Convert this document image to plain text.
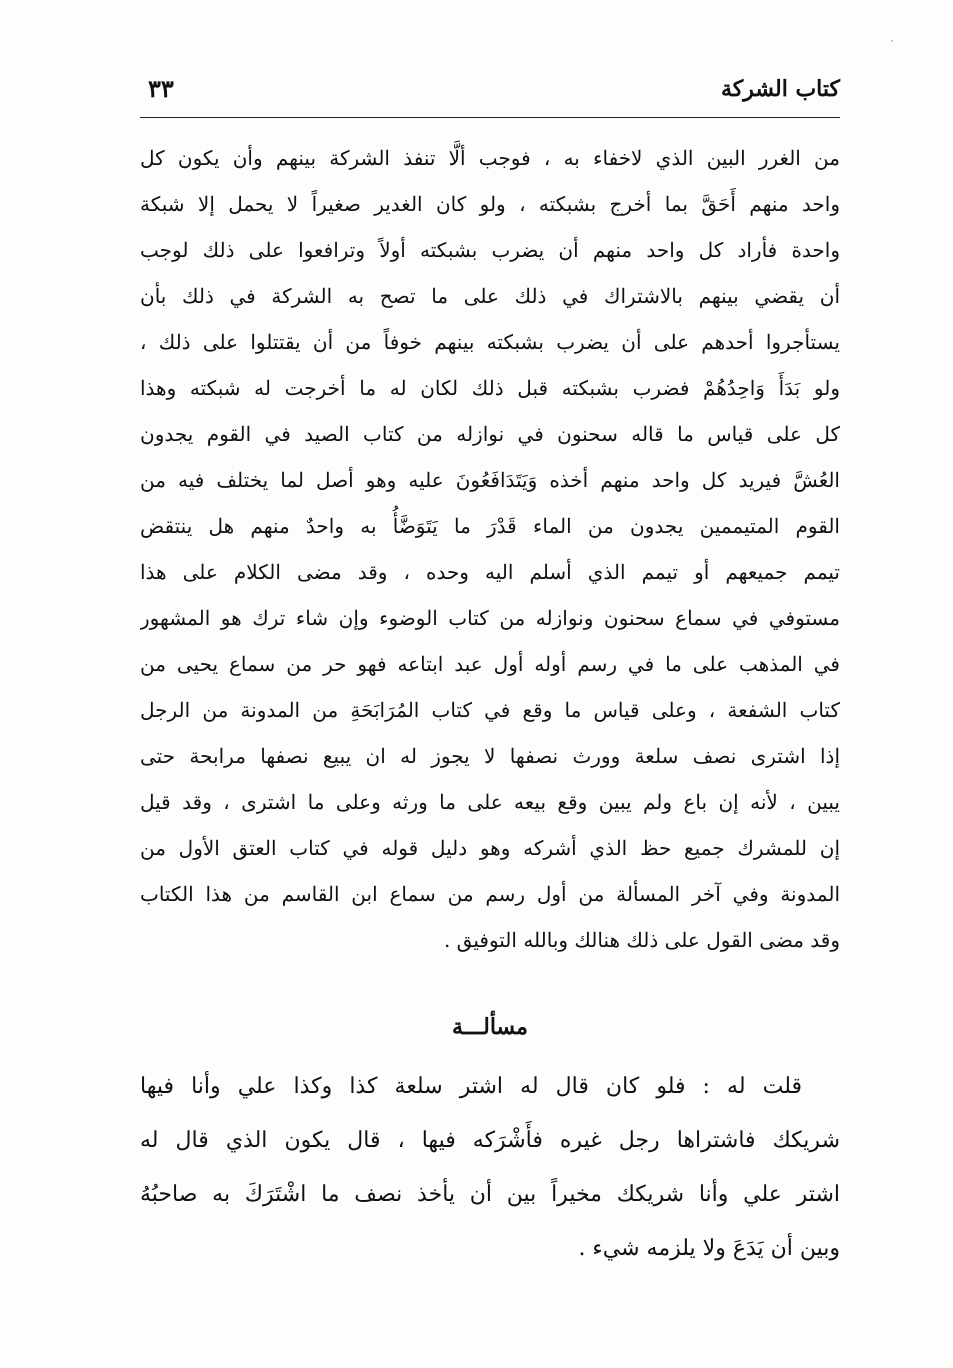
كتاب الشركة
٣٣
من الغرر البين الذي لاخفاء به ، فوجب ألَّا تنفذ الشركة بينهم وأن يكون كل
واحد منهم أَحَقَّ بما أخرج بشبكته ، ولو كان الغدير صغيراً لا يحمل إلا شبكة
واحدة فأراد كل واحد منهم أن يضرب بشبكته أولاً وترافعوا على ذلك لوجب
أن يقضي بينهم بالاشتراك في ذلك على ما تصح به الشركة في ذلك بأن
يستأجروا أحدهم على أن يضرب بشبكته بينهم خوفاً من أن يقتتلوا على ذلك ،
ولو بَدَأَ وَاحِدُهُمْ فضرب بشبكته قبل ذلك لكان له ما أخرجت له شبكته وهذا
كل على قياس ما قاله سحنون في نوازله من كتاب الصيد في القوم يجدون
العُشَّ فيريد كل واحد منهم أخذه وَيَتَدَافَعُونَ عليه وهو أصل لما يختلف فيه من
القوم المتيممين يجدون من الماء قَدْرَ ما يَتَوَضَّأُ به واحدٌ منهم هل ينتقض
تيمم جميعهم أو تيمم الذي أسلم اليه وحده ، وقد مضى الكلام على هذا
مستوفي في سماع سحنون ونوازله من كتاب الوضوء وإن شاء ترك هو المشهور
في المذهب على ما في رسم أوله أول عبد ابتاعه فهو حر من سماع يحيى من
كتاب الشفعة ، وعلى قياس ما وقع في كتاب المُرَابَحَةِ من المدونة من الرجل
إذا اشترى نصف سلعة وورث نصفها لا يجوز له ان يبيع نصفها مرابحة حتى
يبين ، لأنه إن باع ولم يبين وقع بيعه على ما ورثه وعلى ما اشترى ، وقد قيل
إن للمشرك جميع حظ الذي أشركه وهو دليل قوله في كتاب العتق الأول من
المدونة وفي آخر المسألة من أول رسم من سماع ابن القاسم من هذا الكتاب
وقد مضى القول على ذلك هنالك وبالله التوفيق .
مسألـــة
قلت له : فلو كان قال له اشتر سلعة كذا وكذا علي وأنا فيها
شريكك فاشتراها رجل غيره فأَشْرَكه فيها ، قال يكون الذي قال له
اشتر علي وأنا شريكك مخيراً بين أن يأخذ نصف ما اشْتَرَكَ به صاحبُهُ
وبين أن يَدَعَ ولا يلزمه شيء .
